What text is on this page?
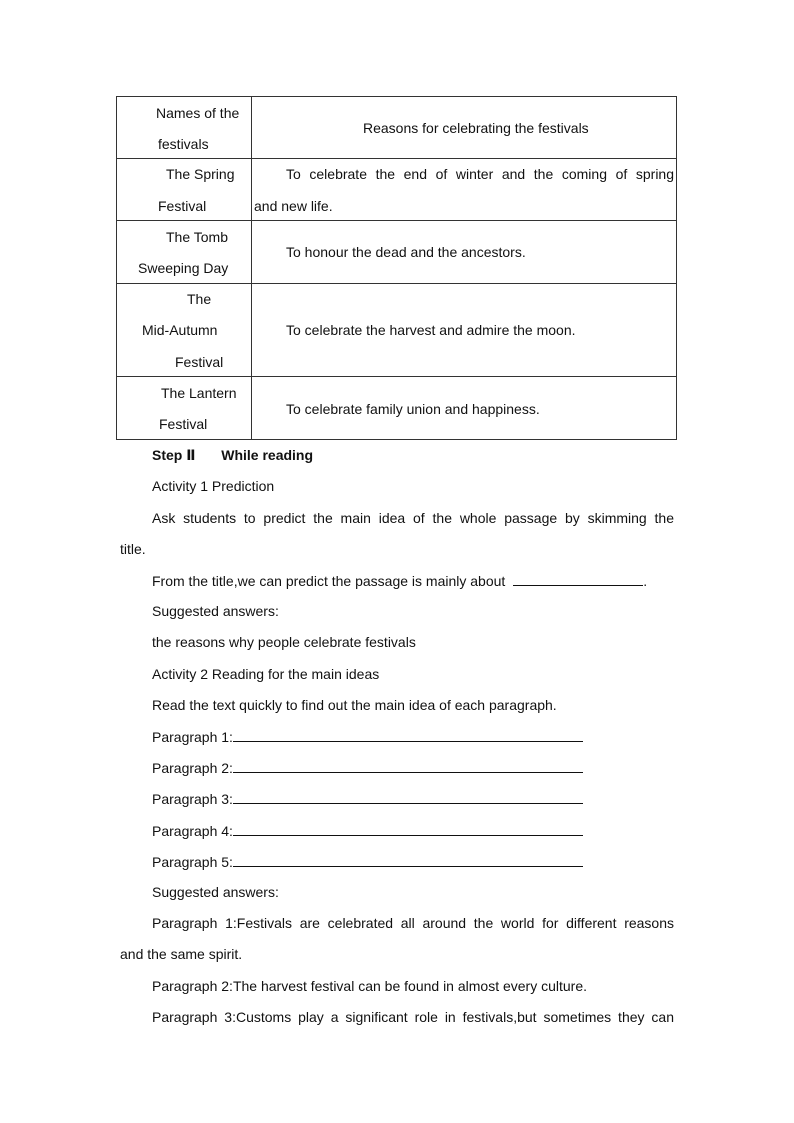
Names of the
festivals
Reasons for celebrating the festivals
The Spring
Festival
To celebrate the end of winter and the coming of spring
and new life.
The Tomb
Sweeping Day
To honour the dead and the ancestors.
The
Mid-Autumn
Festival
To celebrate the harvest and admire the moon.
The Lantern
Festival
To celebrate family union and happiness.
Step Ⅱ While reading
Activity 1 Prediction
Ask students to predict the main idea of the whole passage by skimming the
title.
From the title,we can predict the passage is mainly about	.
Suggested answers:
the reasons why people celebrate festivals
Activity 2 Reading for the main ideas
Read the text quickly to find out the main idea of each paragraph.
Paragraph 1:
Paragraph 2:
Paragraph 3:
Paragraph 4:
Paragraph 5:
Suggested answers:
Paragraph 1:Festivals are celebrated all around the world for different reasons
and the same spirit.
Paragraph 2:The harvest festival can be found in almost every culture.
Paragraph 3:Customs play a significant role in festivals,but sometimes they can
